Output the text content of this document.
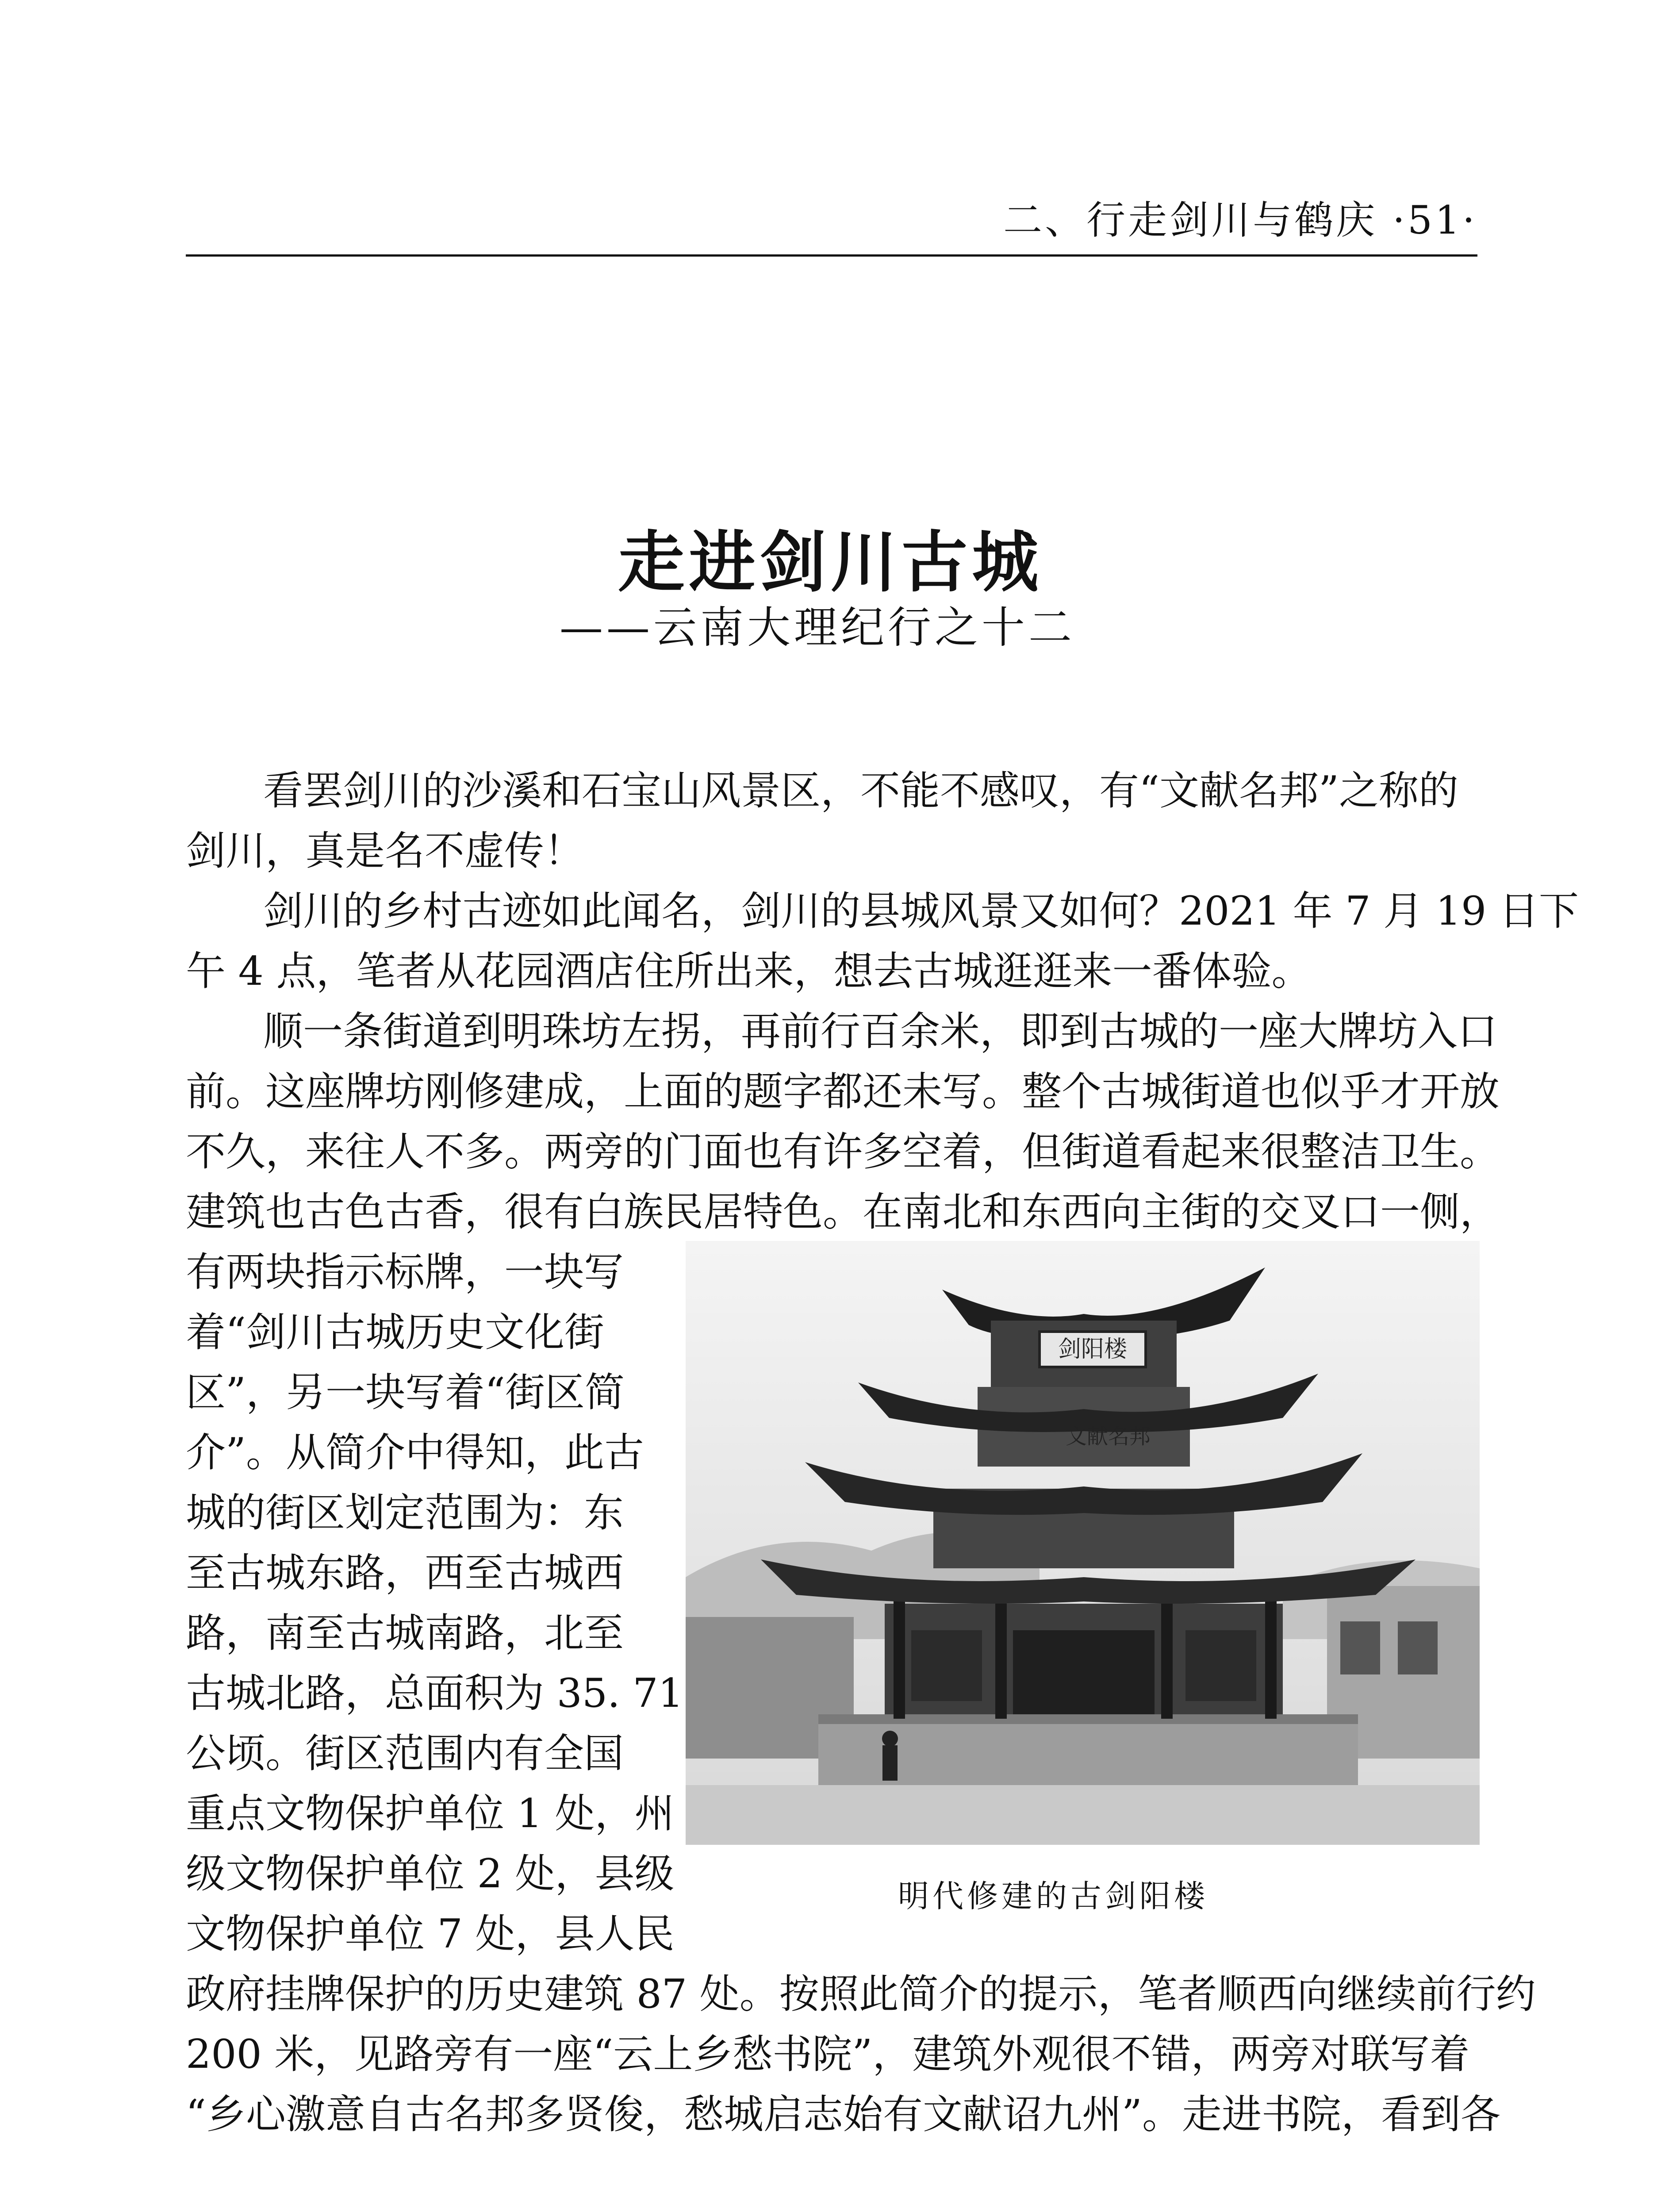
二、行走剑川与鹤庆 ·51·
走进剑川古城
——云南大理纪行之十二
看罢剑川的沙溪和石宝山风景区，不能不感叹，有“文献名邦”之称的
剑川，真是名不虚传！
剑川的乡村古迹如此闻名，剑川的县城风景又如何？2021 年 7 月 19 日下
午 4 点，笔者从花园酒店住所出来，想去古城逛逛来一番体验。
顺一条街道到明珠坊左拐，再前行百余米，即到古城的一座大牌坊入口
前。这座牌坊刚修建成，上面的题字都还未写。整个古城街道也似乎才开放
不久，来往人不多。两旁的门面也有许多空着，但街道看起来很整洁卫生。
建筑也古色古香，很有白族民居特色。在南北和东西向主街的交叉口一侧，
有两块指示标牌，一块写
着“剑川古城历史文化街
区”，另一块写着“街区简
介”。从简介中得知，此古
城的街区划定范围为：东
至古城东路，西至古城西
路，南至古城南路，北至
古城北路，总面积为 35. 71
公顷。街区范围内有全国
重点文物保护单位 1 处，州
级文物保护单位 2 处，县级
文物保护单位 7 处，县人民
政府挂牌保护的历史建筑 87 处。按照此简介的提示，笔者顺西向继续前行约
200 米，见路旁有一座“云上乡愁书院”，建筑外观很不错，两旁对联写着
“乡心激意自古名邦多贤俊，愁城启志始有文献诏九州”。走进书院，看到各
剑阳楼
文献名邦
明代修建的古剑阳楼
